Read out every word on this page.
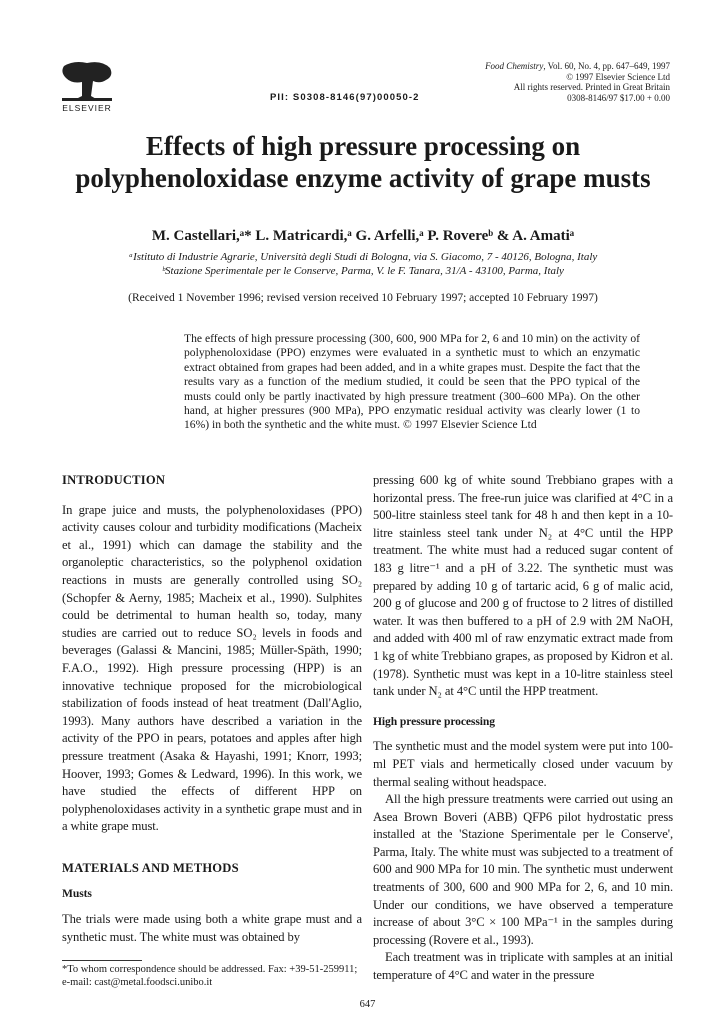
ELSEVIER
Food Chemistry, Vol. 60, No. 4, pp. 647–649, 1997
© 1997 Elsevier Science Ltd
All rights reserved. Printed in Great Britain
0308-8146/97 $17.00 + 0.00
PII: S0308-8146(97)00050-2
Effects of high pressure processing on
polyphenoloxidase enzyme activity of grape musts
M. Castellari,ᵃ* L. Matricardi,ᵃ G. Arfelli,ᵃ P. Rovereᵇ & A. Amatiᵃ
ᵃIstituto di Industrie Agrarie, Università degli Studi di Bologna, via S. Giacomo, 7 - 40126, Bologna, Italy
ᵇStazione Sperimentale per le Conserve, Parma, V. le F. Tanara, 31/A - 43100, Parma, Italy
(Received 1 November 1996; revised version received 10 February 1997; accepted 10 February 1997)
The effects of high pressure processing (300, 600, 900 MPa for 2, 6 and 10 min) on the activity of polyphenoloxidase (PPO) enzymes were evaluated in a synthetic must to which an enzymatic extract obtained from grapes had been added, and in a white grapes must. Despite the fact that the results vary as a function of the medium studied, it could be seen that the PPO typical of the musts could only be partly inactivated by high pressure treatment (300–600 MPa). On the other hand, at higher pressures (900 MPa), PPO enzymatic residual activity was clearly lower (1 to 16%) in both the synthetic and the white must. © 1997 Elsevier Science Ltd
INTRODUCTION

In grape juice and musts, the polyphenoloxidases (PPO) activity causes colour and turbidity modifications (Macheix et al., 1991) which can damage the stability and the organoleptic characteristics, so the polyphenol oxidation reactions in musts are generally controlled using SO₂ (Schopfer & Aerny, 1985; Macheix et al., 1990). Sulphites could be detrimental to human health so, today, many studies are carried out to reduce SO₂ levels in foods and beverages (Galassi & Mancini, 1985; Müller-Späth, 1990; F.A.O., 1992). High pressure processing (HPP) is an innovative technique proposed for the microbiological stabilization of foods instead of heat treatment (Dall'Aglio, 1993). Many authors have described a variation in the activity of the PPO in pears, potatoes and apples after high pressure treatment (Asaka & Hayashi, 1991; Knorr, 1993; Hoover, 1993; Gomes & Ledward, 1996). In this work, we have studied the effects of different HPP on polyphenoloxidases activity in a synthetic grape must and in a white grape must.

MATERIALS AND METHODS
Musts

The trials were made using both a white grape must and a synthetic must. The white must was obtained by

*To whom correspondence should be addressed. Fax: +39-51-259911; e-mail: cast@metal.foodsci.unibo.it

pressing 600 kg of white sound Trebbiano grapes with a horizontal press. The free-run juice was clarified at 4°C in a 500-litre stainless steel tank for 48 h and then kept in a 10-litre stainless steel tank under N₂ at 4°C until the HPP treatment. The white must had a reduced sugar content of 183 g litre⁻¹ and a pH of 3.22. The synthetic must was prepared by adding 10 g of tartaric acid, 6 g of malic acid, 200 g of glucose and 200 g of fructose to 2 litres of distilled water. It was then buffered to a pH of 2.9 with 2M NaOH, and added with 400 ml of raw enzymatic extract made from 1 kg of white Trebbiano grapes, as proposed by Kidron et al. (1978). Synthetic must was kept in a 10-litre stainless steel tank under N₂ at 4°C until the HPP treatment.

High pressure processing

The synthetic must and the model system were put into 100-ml PET vials and hermetically closed under vacuum by thermal sealing without headspace.

All the high pressure treatments were carried out using an Asea Brown Boveri (ABB) QFP6 pilot hydrostatic press installed at the 'Stazione Sperimentale per le Conserve', Parma, Italy. The white must was subjected to a treatment of 600 and 900 MPa for 10 min. The synthetic must underwent treatments of 300, 600 and 900 MPa for 2, 6, and 10 min. Under our conditions, we have observed a temperature increase of about 3°C × 100 MPa⁻¹ in the samples during processing (Rovere et al., 1993).

Each treatment was in triplicate with samples at an initial temperature of 4°C and water in the pressure

647
